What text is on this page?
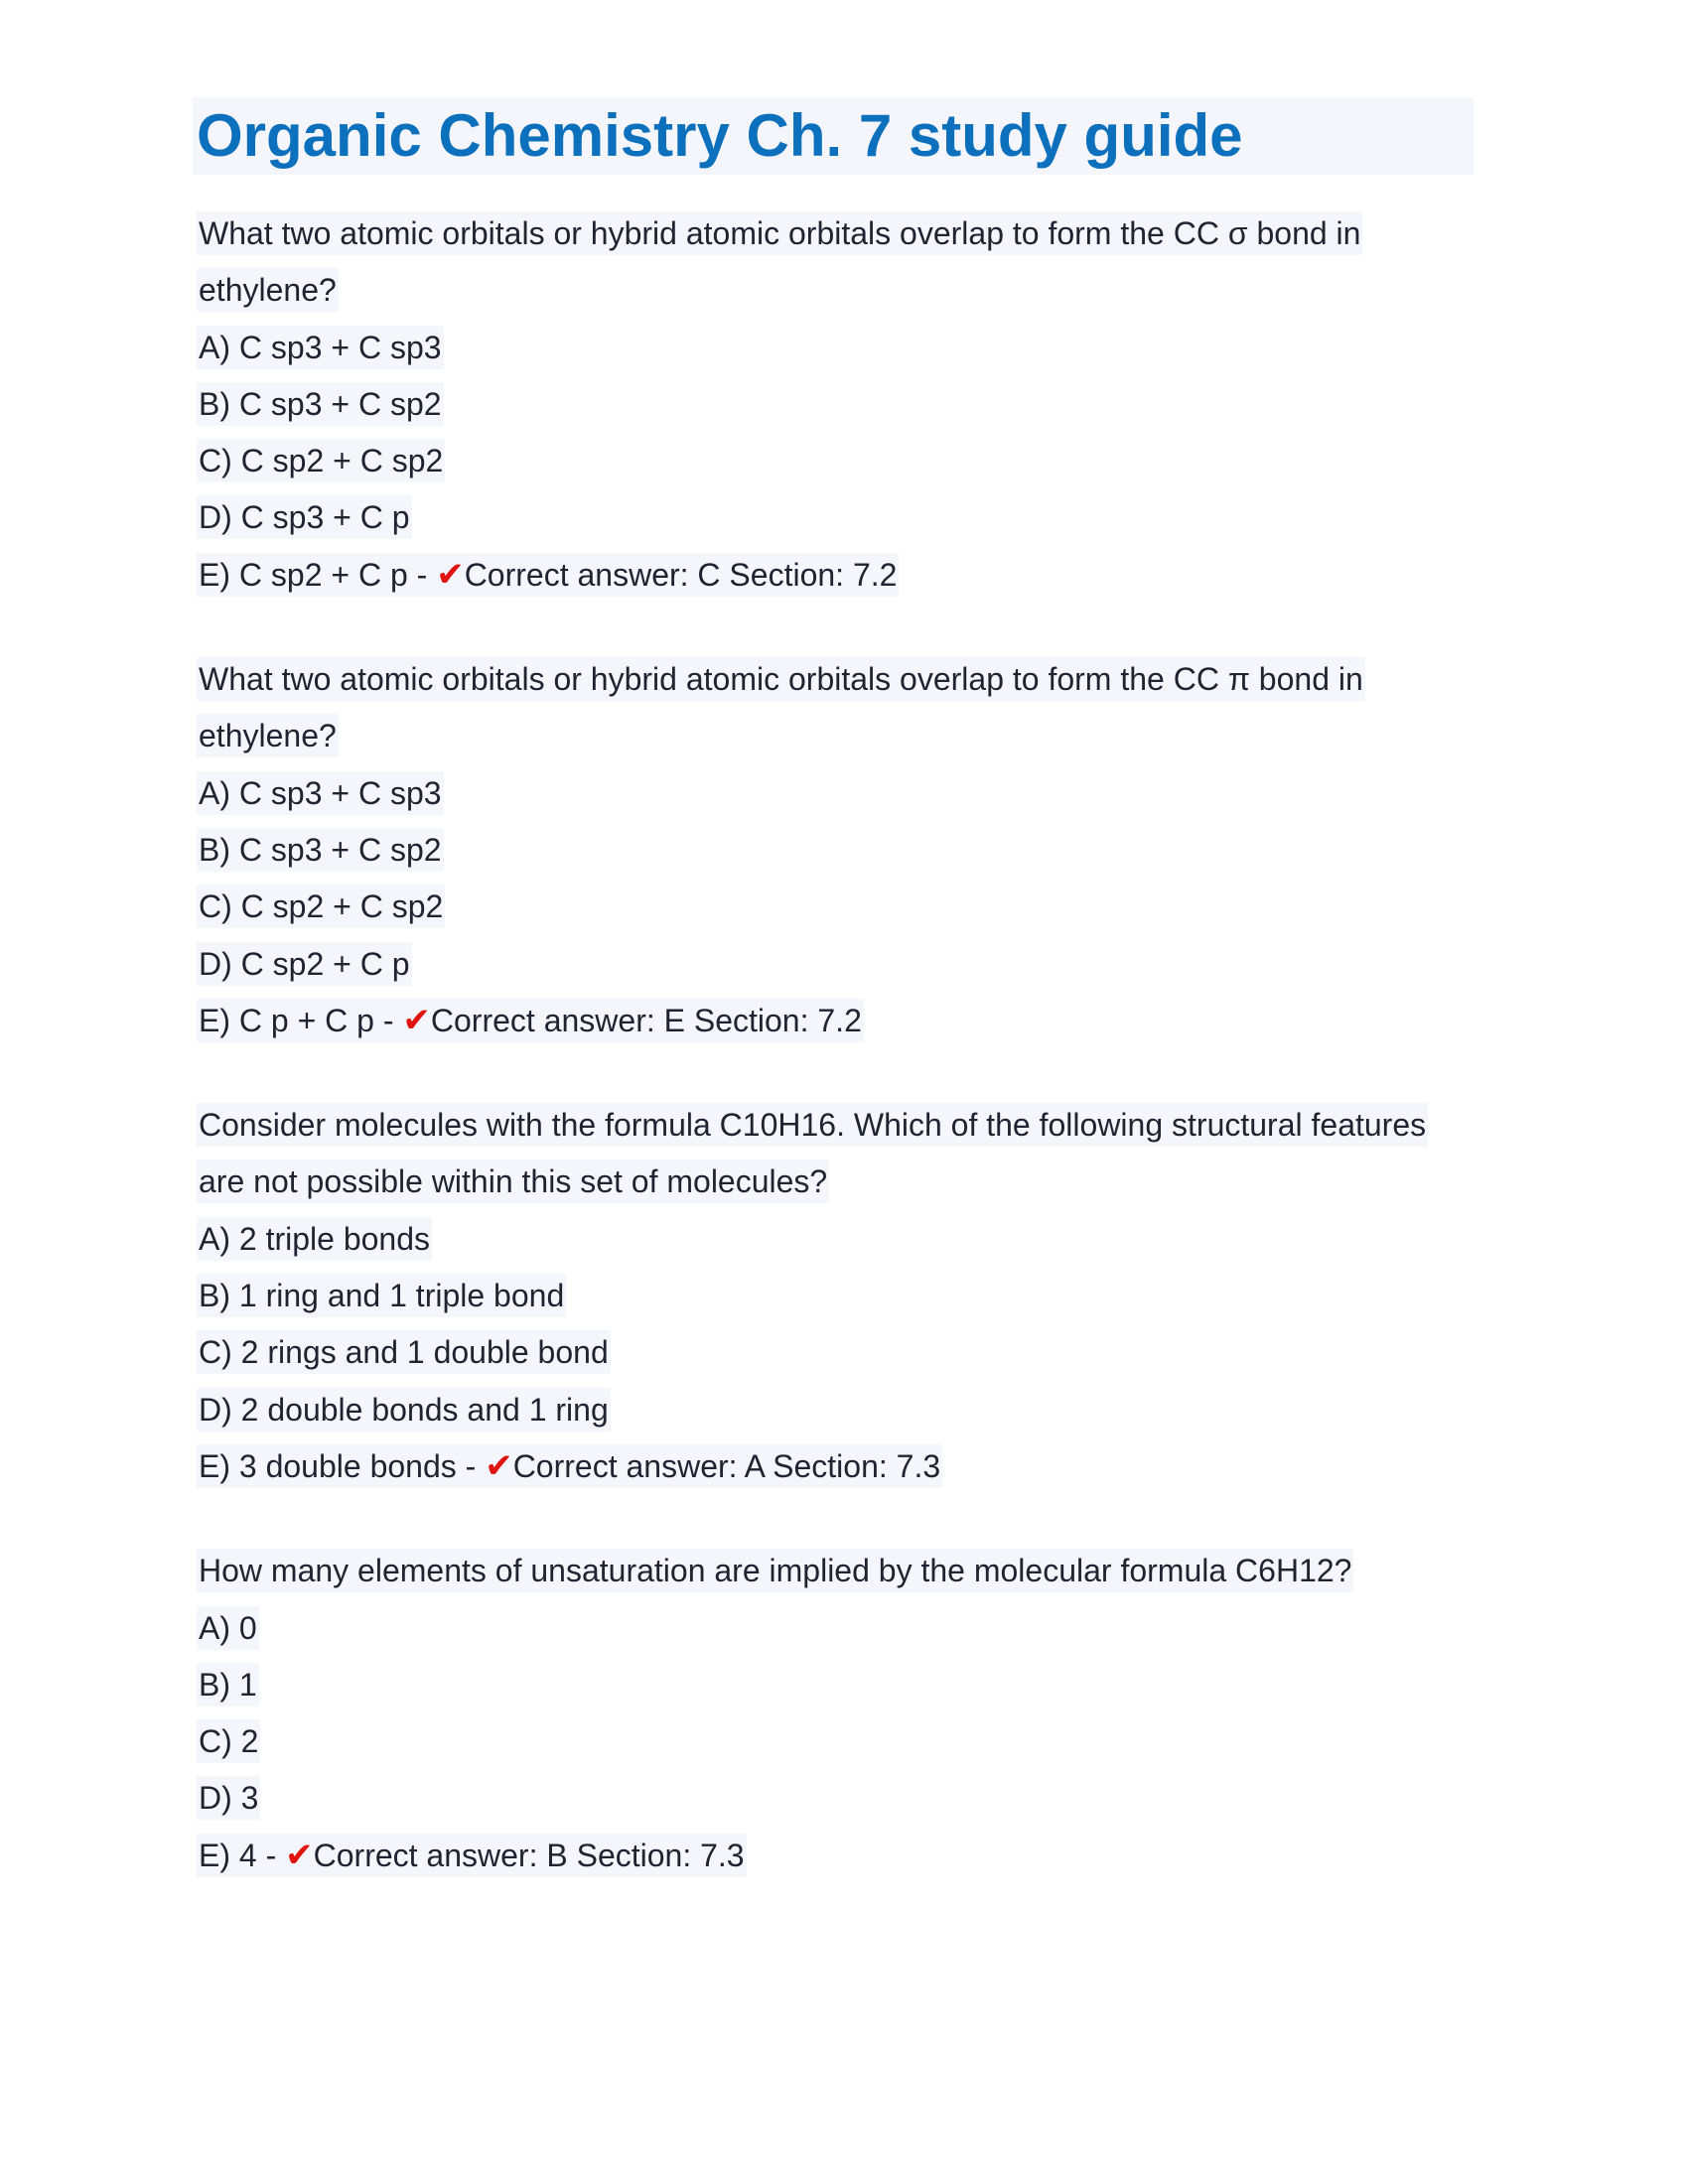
Organic Chemistry Ch. 7 study guide
What two atomic orbitals or hybrid atomic orbitals overlap to form the CC σ bond in
ethylene?
A) C sp3 + C sp3
B) C sp3 + C sp2
C) C sp2 + C sp2
D) C sp3 + C p
E) C sp2 + C p - ✔Correct answer: C Section: 7.2
What two atomic orbitals or hybrid atomic orbitals overlap to form the CC π bond in
ethylene?
A) C sp3 + C sp3
B) C sp3 + C sp2
C) C sp2 + C sp2
D) C sp2 + C p
E) C p + C p - ✔Correct answer: E Section: 7.2
Consider molecules with the formula C10H16. Which of the following structural features
are not possible within this set of molecules?
A) 2 triple bonds
B) 1 ring and 1 triple bond
C) 2 rings and 1 double bond
D) 2 double bonds and 1 ring
E) 3 double bonds - ✔Correct answer: A Section: 7.3
How many elements of unsaturation are implied by the molecular formula C6H12?
A) 0
B) 1
C) 2
D) 3
E) 4 - ✔Correct answer: B Section: 7.3
